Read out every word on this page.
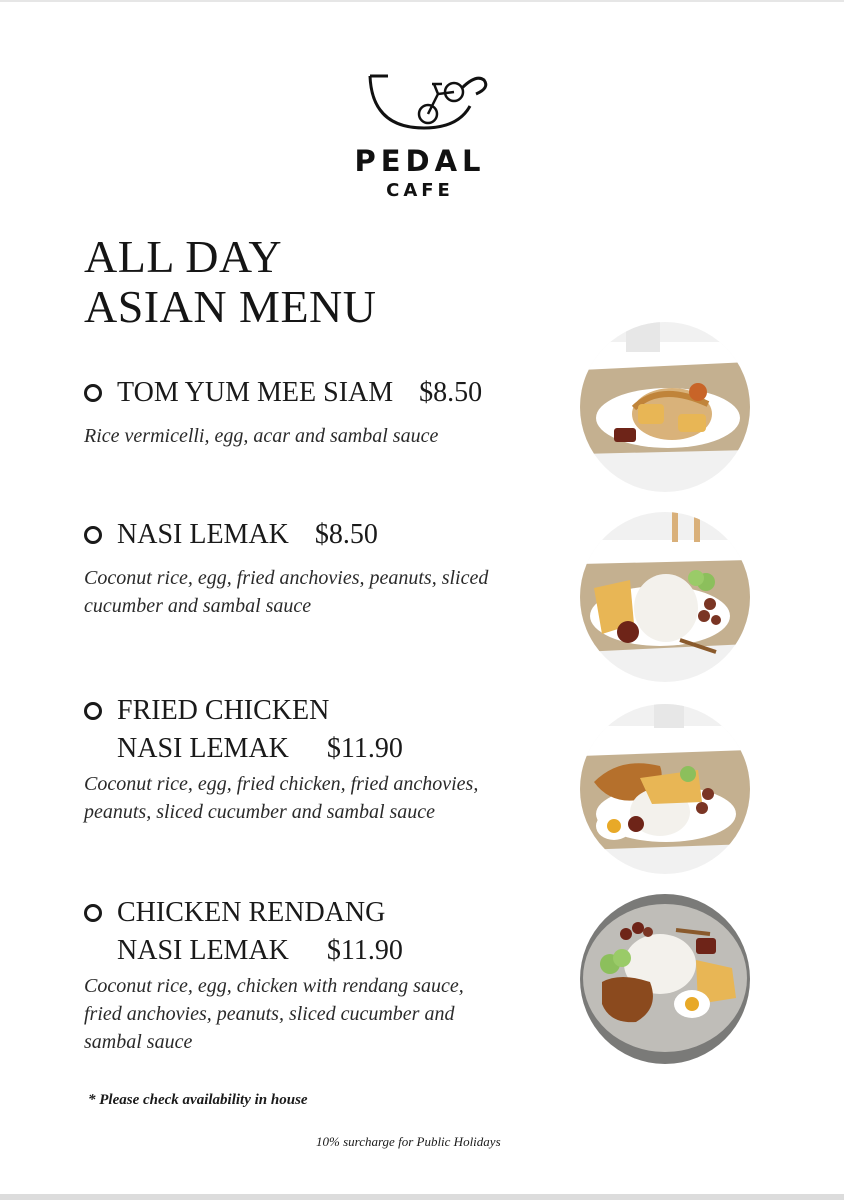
PEDAL
CAFE
ALL DAY
ASIAN MENU
TOM YUM MEE SIAM $8.50
Rice vermicelli, egg, acar and sambal sauce
NASI LEMAK $8.50
Coconut rice, egg, fried anchovies, peanuts, sliced cucumber and sambal sauce
FRIED CHICKEN
NASI LEMAK $11.90
Coconut rice, egg, fried chicken, fried anchovies, peanuts, sliced cucumber and sambal sauce
CHICKEN RENDANG
NASI LEMAK $11.90
Coconut rice, egg, chicken with rendang sauce, fried anchovies, peanuts, sliced cucumber and sambal sauce
* Please check availability in house
10% surcharge for Public Holidays
